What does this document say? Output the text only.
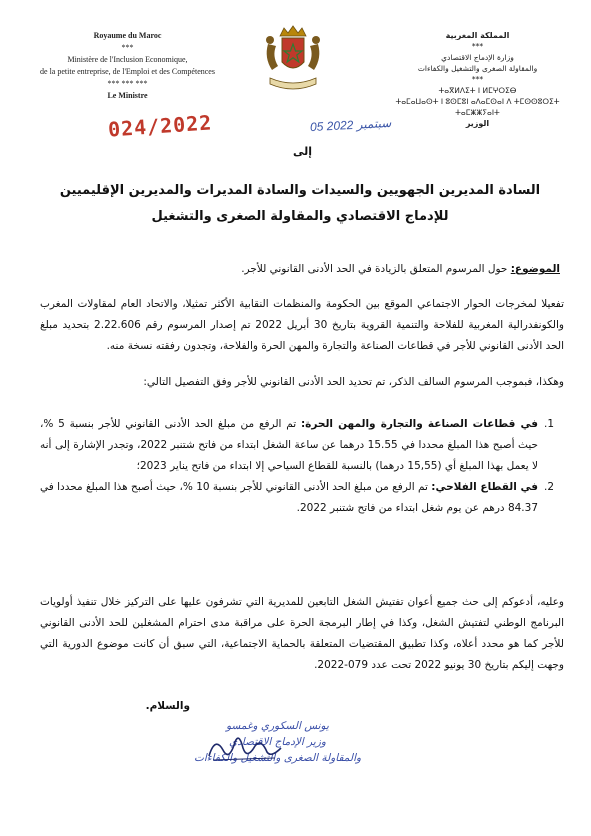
Royaume du Maroc
***
Ministère de l'Inclusion Economique,
de la petite entreprise, de l'Emploi et des Compétences
*** *** ***
Le Ministre
المملكة المغربية
***
وزارة الإدماج الاقتصادي
والمقاولة الصغرى والتشغيل والكفاءات
***
ⵜⴰⴳⵍⴷⵉⵜ ⵏ ⵍⵎⵖⵔⵉⴱ
ⵜⴰⵎⴰⵡⴰⵙⵜ ⵏ ⵓⵙⵎⵓⵏ ⴰⴷⴰⵎⵙⴰⵏ ⴷ ⵜⵎⵙⵙⵓⵔⵉⵜ ⵜⴰⵎⵥⵥⵢⴰⵏⵜ
الوزير
024/2022	05 سبتمبر 2022
إلى
السادة المديرين الجهويين والسيدات والسادة المديرات والمديرين الإقليميين
للإدماج الاقتصادي والمقاولة الصغرى والتشغيل
الموضوع: حول المرسوم المتعلق بالزيادة في الحد الأدنى القانوني للأجر.
تفعيلا لمخرجات الحوار الاجتماعي الموقع بين الحكومة والمنظمات النقابية الأكثر تمثيلا، والاتحاد العام لمقاولات المغرب والكونفدرالية المغربية للفلاحة والتنمية القروية بتاريخ 30 أبريل 2022 تم إصدار المرسوم رقم 2.22.606 بتحديد مبلغ الحد الأدنى القانوني للأجر في قطاعات الصناعة والتجارة والمهن الحرة والفلاحة، وتجدون رفقته نسخة منه.
وهكذا، فبموجب المرسوم السالف الذكر، تم تحديد الحد الأدنى القانوني للأجر وفق التفصيل التالي:
1.
في قطاعات الصناعة والتجارة والمهن الحرة: تم الرفع من مبلغ الحد الأدنى القانوني للأجر بنسبة 5 %، حيث أصبح هذا المبلغ محددا في 15.55 درهما عن ساعة الشغل ابتداء من فاتح شتنبر 2022، وتجدر الإشارة إلى أنه لا يعمل بهذا المبلغ أي (15,55 درهما) بالنسبة للقطاع السياحي إلا ابتداء من فاتح يناير 2023؛
2.
في القطاع الفلاحي: تم الرفع من مبلغ الحد الأدنى القانوني للأجر بنسبة 10 %، حيث أصبح هذا المبلغ محددا في 84.37 درهم عن يوم شغل ابتداء من فاتح شتنبر 2022.
وعليه، أدعوكم إلى حث جميع أعوان تفتيش الشغل التابعين للمديرية التي تشرفون عليها على التركيز خلال تنفيذ أولويات البرنامج الوطني لتفتيش الشغل، وكذا في إطار البرمجة الحرة على مراقبة مدى احترام المشغلين للحد الأدنى القانوني للأجر كما هو محدد أعلاه، وكذا تطبيق المقتضيات المتعلقة بالحماية الاجتماعية، التي سبق أن كانت موضوع الدورية التي وجهت إليكم بتاريخ 30 يونيو 2022 تحت عدد 079-2022.
والسلام.
يونس السكوري وغمسو
وزير الإدماج الاقتصادي
والمقاولة الصغرى والتشغيل والكفاءات
